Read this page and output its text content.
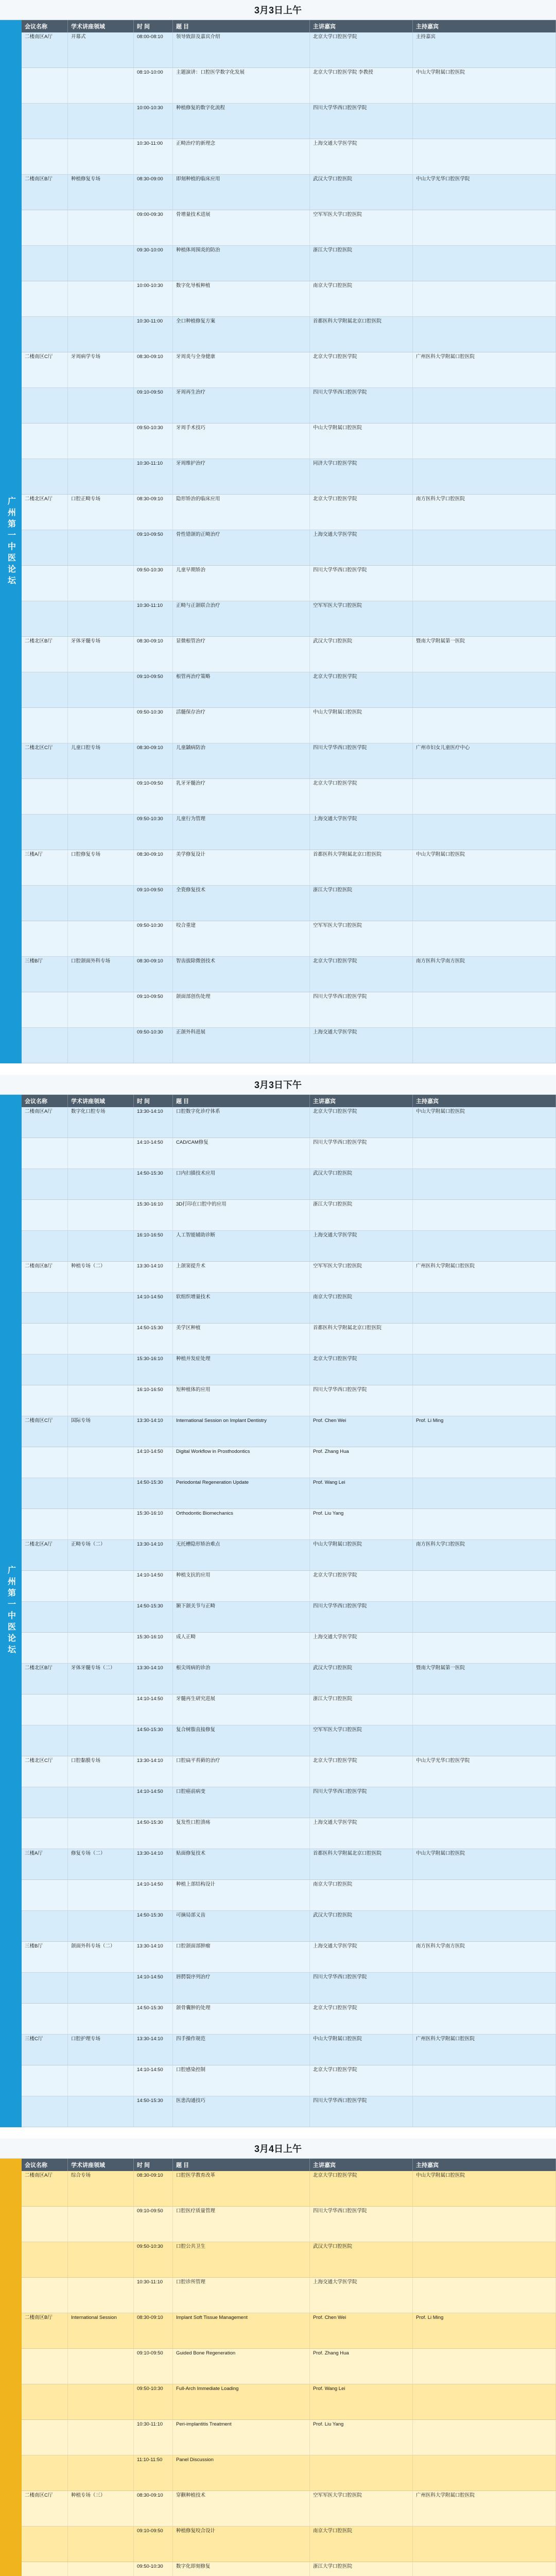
3月3日上午
广州第一中医论坛
会议名称	学术讲座领域	时 间	题 目	主讲嘉宾	主持嘉宾
二楼南区A厅	开幕式	08:00-08:10	领导致辞及嘉宾介绍	北京大学口腔医学院	主持嘉宾
08:10-10:00	主题演讲：口腔医学数字化发展	北京大学口腔医学院 李教授	中山大学附属口腔医院
10:00-10:30	种植修复的数字化流程	四川大学华西口腔医学院
10:30-11:00	正畸治疗的新理念	上海交通大学医学院
二楼南区B厅	种植修复专场	08:30-09:00	即刻种植的临床应用	武汉大学口腔医院	中山大学光华口腔医学院
09:00-09:30	骨增量技术进展	空军军医大学口腔医院
09:30-10:00	种植体周围炎的防治	浙江大学口腔医院
10:00-10:30	数字化导板种植	南京大学口腔医院
10:30-11:00	全口种植修复方案	首都医科大学附属北京口腔医院
二楼南区C厅	牙周病学专场	08:30-09:10	牙周炎与全身健康	北京大学口腔医学院	广州医科大学附属口腔医院
09:10-09:50	牙周再生治疗	四川大学华西口腔医学院
09:50-10:30	牙周手术技巧	中山大学附属口腔医院
10:30-11:10	牙周维护治疗	同济大学口腔医学院
二楼北区A厅	口腔正畸专场	08:30-09:10	隐形矫治的临床应用	北京大学口腔医学院	南方医科大学口腔医院
09:10-09:50	骨性错颌的正畸治疗	上海交通大学医学院
09:50-10:30	儿童早期矫治	四川大学华西口腔医学院
10:30-11:10	正畸与正颌联合治疗	空军军医大学口腔医院
二楼北区B厅	牙体牙髓专场	08:30-09:10	显微根管治疗	武汉大学口腔医院	暨南大学附属第一医院
09:10-09:50	根管再治疗策略	北京大学口腔医学院
09:50-10:30	活髓保存治疗	中山大学附属口腔医院
二楼北区C厅	儿童口腔专场	08:30-09:10	儿童龋病防治	四川大学华西口腔医学院	广州市妇女儿童医疗中心
09:10-09:50	乳牙牙髓治疗	北京大学口腔医学院
09:50-10:30	儿童行为管理	上海交通大学医学院
三楼A厅	口腔修复专场	08:30-09:10	美学修复设计	首都医科大学附属北京口腔医院	中山大学附属口腔医院
09:10-09:50	全瓷修复技术	浙江大学口腔医院
09:50-10:30	咬合重建	空军军医大学口腔医院
三楼B厅	口腔颌面外科专场	08:30-09:10	智齿拔除微创技术	北京大学口腔医学院	南方医科大学南方医院
09:10-09:50	颌面部创伤处理	四川大学华西口腔医学院
09:50-10:30	正颌外科进展	上海交通大学医学院
3月3日下午
广州第一中医论坛
会议名称	学术讲座领域	时 间	题 目	主讲嘉宾	主持嘉宾
二楼南区A厅	数字化口腔专场	13:30-14:10	口腔数字化诊疗体系	北京大学口腔医学院	中山大学附属口腔医院
14:10-14:50	CAD/CAM修复	四川大学华西口腔医学院
14:50-15:30	口内扫描技术应用	武汉大学口腔医院
15:30-16:10	3D打印在口腔中的应用	浙江大学口腔医院
16:10-16:50	人工智能辅助诊断	上海交通大学医学院
二楼南区B厅	种植专场（二）	13:30-14:10	上颌窦提升术	空军军医大学口腔医院	广州医科大学附属口腔医院
14:10-14:50	软组织增量技术	南京大学口腔医院
14:50-15:30	美学区种植	首都医科大学附属北京口腔医院
15:30-16:10	种植并发症处理	北京大学口腔医学院
16:10-16:50	短种植体的应用	四川大学华西口腔医学院
二楼南区C厅	国际专场	13:30-14:10	International Session on Implant Dentistry	Prof. Chen Wei	Prof. Li Ming
14:10-14:50	Digital Workflow in Prosthodontics	Prof. Zhang Hua
14:50-15:30	Periodontal Regeneration Update	Prof. Wang Lei
15:30-16:10	Orthodontic Biomechanics	Prof. Liu Yang
二楼北区A厅	正畸专场（二）	13:30-14:10	无托槽隐形矫治难点	中山大学附属口腔医院	南方医科大学口腔医院
14:10-14:50	种植支抗的应用	北京大学口腔医学院
14:50-15:30	颞下颌关节与正畸	四川大学华西口腔医学院
15:30-16:10	成人正畸	上海交通大学医学院
二楼北区B厅	牙体牙髓专场（二）	13:30-14:10	根尖周病的诊治	武汉大学口腔医院	暨南大学附属第一医院
14:10-14:50	牙髓再生研究进展	浙江大学口腔医院
14:50-15:30	复合树脂直接修复	空军军医大学口腔医院
二楼北区C厅	口腔黏膜专场	13:30-14:10	口腔扁平苔藓的治疗	北京大学口腔医学院	中山大学光华口腔医学院
14:10-14:50	口腔癌前病变	四川大学华西口腔医学院
14:50-15:30	复发性口腔溃疡	上海交通大学医学院
三楼A厅	修复专场（二）	13:30-14:10	贴面修复技术	首都医科大学附属北京口腔医院	中山大学附属口腔医院
14:10-14:50	种植上部结构设计	南京大学口腔医院
14:50-15:30	可摘局部义齿	武汉大学口腔医院
三楼B厅	颌面外科专场（二）	13:30-14:10	口腔颌面部肿瘤	上海交通大学医学院	南方医科大学南方医院
14:10-14:50	唇腭裂序列治疗	四川大学华西口腔医学院
14:50-15:30	颌骨囊肿的处理	北京大学口腔医学院
三楼C厅	口腔护理专场	13:30-14:10	四手操作规范	中山大学附属口腔医院	广州医科大学附属口腔医院
14:10-14:50	口腔感染控制	北京大学口腔医学院
14:50-15:30	医患沟通技巧	四川大学华西口腔医学院
3月4日上午
会议名称	学术讲座领域	时 间	题 目	主讲嘉宾	主持嘉宾
二楼南区A厅	综合专场	08:30-09:10	口腔医学教育改革	北京大学口腔医学院	中山大学附属口腔医院
09:10-09:50	口腔医疗质量管理	四川大学华西口腔医学院
09:50-10:30	口腔公共卫生	武汉大学口腔医院
10:30-11:10	口腔诊所管理	上海交通大学医学院
二楼南区B厅	International Session	08:30-09:10	Implant Soft Tissue Management	Prof. Chen Wei	Prof. Li Ming
09:10-09:50	Guided Bone Regeneration	Prof. Zhang Hua
09:50-10:30	Full-Arch Immediate Loading	Prof. Wang Lei
10:30-11:10	Peri-implantitis Treatment	Prof. Liu Yang
11:10-11:50	Panel Discussion
二楼南区C厅	种植专场（三）	08:30-09:10	穿颧种植技术	空军军医大学口腔医院	广州医科大学附属口腔医院
09:10-09:50	种植修复咬合设计	南京大学口腔医院
09:50-10:30	数字化即刻修复	浙江大学口腔医院
